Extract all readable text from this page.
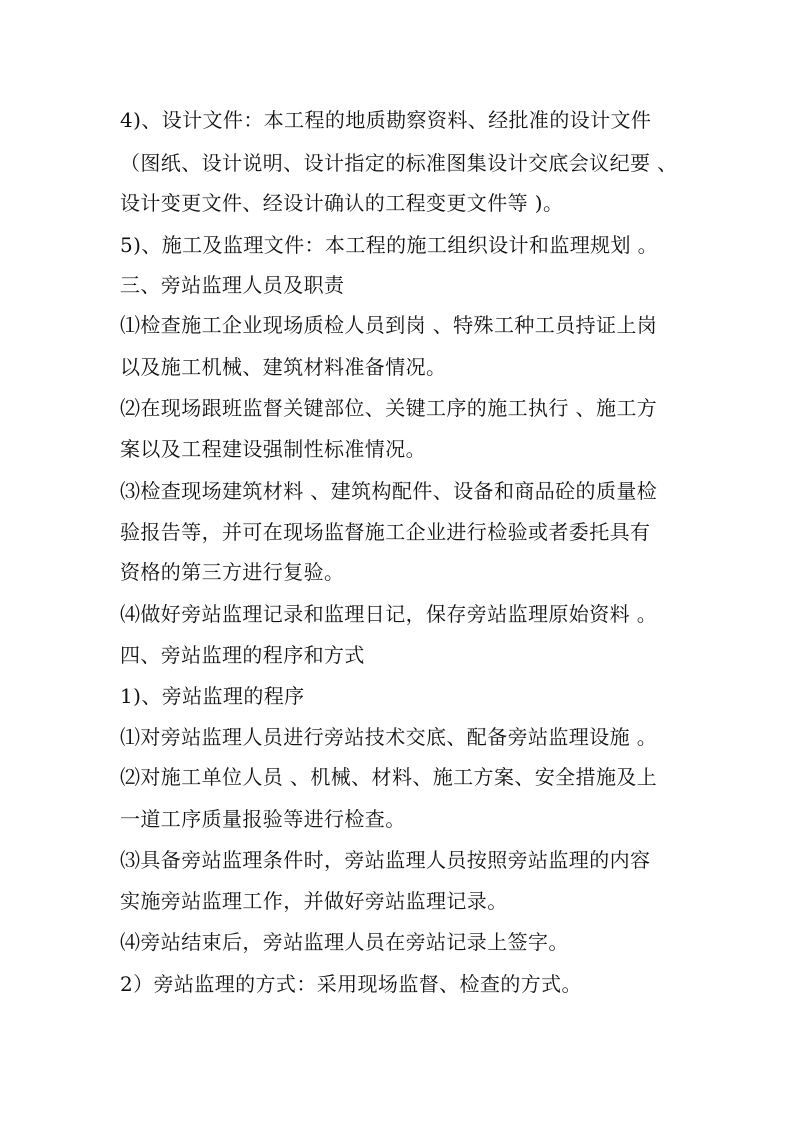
4)、设计文件：本工程的地质勘察资料、经批准的设计文件
（图纸、设计说明、设计指定的标准图集设计交底会议纪要 、
设计变更文件、经设计确认的工程变更文件等 )。
5)、施工及监理文件：本工程的施工组织设计和监理规划 。
三、旁站监理人员及职责
⑴检查施工企业现场质检人员到岗 、特殊工种工员持证上岗
以及施工机械、建筑材料准备情况。
⑵在现场跟班监督关键部位、关键工序的施工执行 、施工方
案以及工程建设强制性标准情况。
⑶检查现场建筑材料 、建筑构配件、设备和商品砼的质量检
验报告等，并可在现场监督施工企业进行检验或者委托具有
资格的第三方进行复验。
⑷做好旁站监理记录和监理日记，保存旁站监理原始资料 。
四、旁站监理的程序和方式
1)、旁站监理的程序
⑴对旁站监理人员进行旁站技术交底、配备旁站监理设施 。
⑵对施工单位人员 、机械、材料、施工方案、安全措施及上
一道工序质量报验等进行检查。
⑶具备旁站监理条件时，旁站监理人员按照旁站监理的内容
实施旁站监理工作，并做好旁站监理记录。
⑷旁站结束后，旁站监理人员在旁站记录上签字。
2）旁站监理的方式：采用现场监督、检查的方式。
